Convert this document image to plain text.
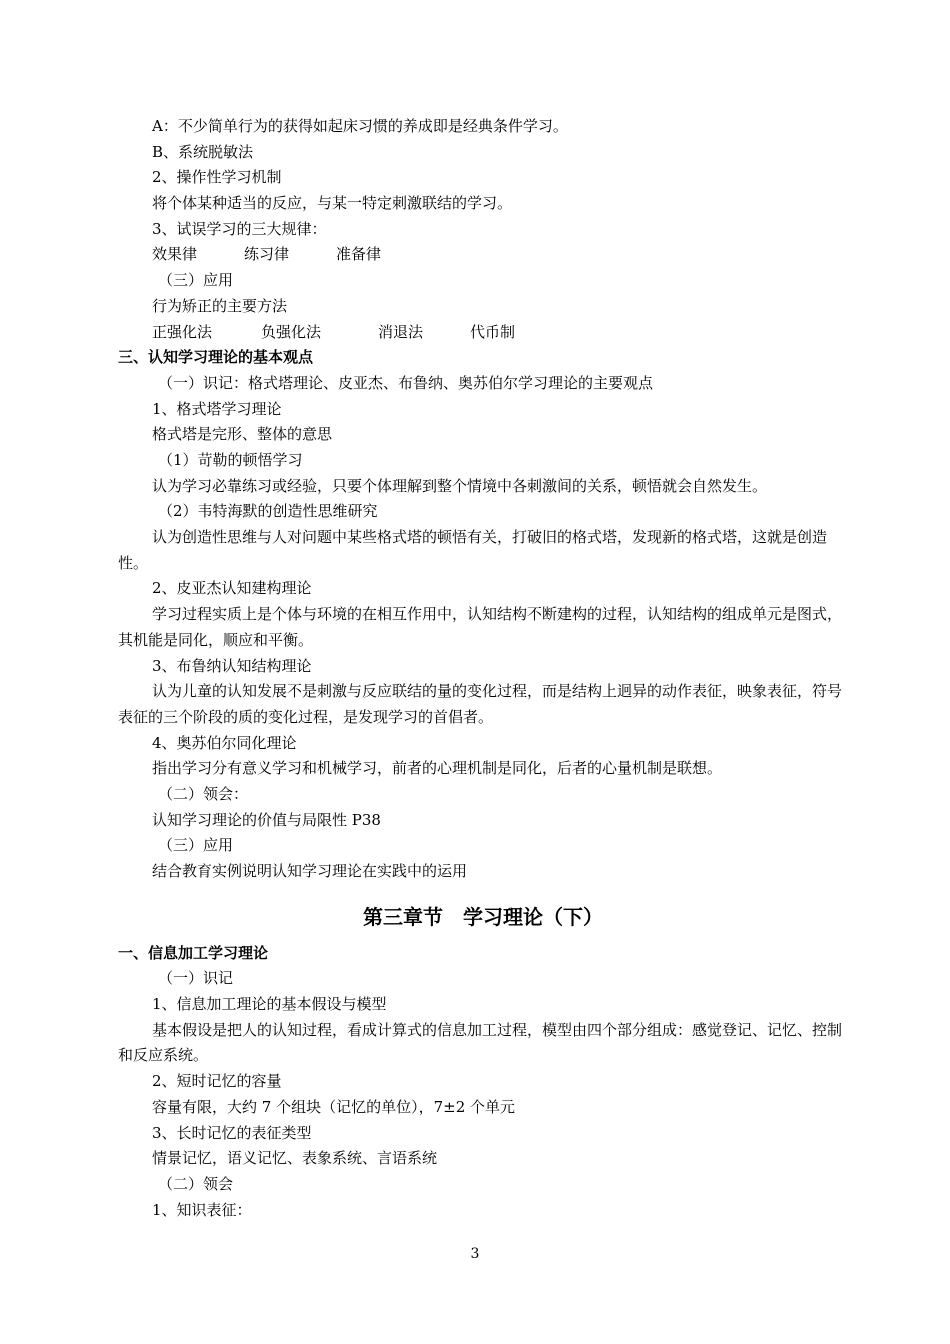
A：不少简单行为的获得如起床习惯的养成即是经典条件学习。
B、系统脱敏法
2、操作性学习机制
将个体某种适当的反应，与某一特定刺激联结的学习。
3、试误学习的三大规律：
效果律	练习律	准备律
（三）应用
行为矫正的主要方法
正强化法	负强化法	消退法	代币制
三、认知学习理论的基本观点
（一）识记：格式塔理论、皮亚杰、布鲁纳、奥苏伯尔学习理论的主要观点
1、格式塔学习理论
格式塔是完形、整体的意思
（1）苛勒的顿悟学习
认为学习必靠练习或经验，只要个体理解到整个情境中各刺激间的关系，顿悟就会自然发生。
（2）韦特海默的创造性思维研究
认为创造性思维与人对问题中某些格式塔的顿悟有关，打破旧的格式塔，发现新的格式塔，这就是创造性。
2、皮亚杰认知建构理论
学习过程实质上是个体与环境的在相互作用中，认知结构不断建构的过程，认知结构的组成单元是图式，其机能是同化，顺应和平衡。
3、布鲁纳认知结构理论
认为儿童的认知发展不是刺激与反应联结的量的变化过程，而是结构上迥异的动作表征，映象表征，符号表征的三个阶段的质的变化过程，是发现学习的首倡者。
4、奥苏伯尔同化理论
指出学习分有意义学习和机械学习，前者的心理机制是同化，后者的心量机制是联想。
（二）领会：
认知学习理论的价值与局限性 P38
（三）应用
结合教育实例说明认知学习理论在实践中的运用
第三章节　学习理论（下）
一、信息加工学习理论
（一）识记
1、信息加工理论的基本假设与模型
基本假设是把人的认知过程，看成计算式的信息加工过程，模型由四个部分组成：感觉登记、记忆、控制和反应系统。
2、短时记忆的容量
容量有限，大约 7 个组块（记忆的单位），7±2 个单元
3、长时记忆的表征类型
情景记忆，语义记忆、表象系统、言语系统
（二）领会
1、知识表征：
3
